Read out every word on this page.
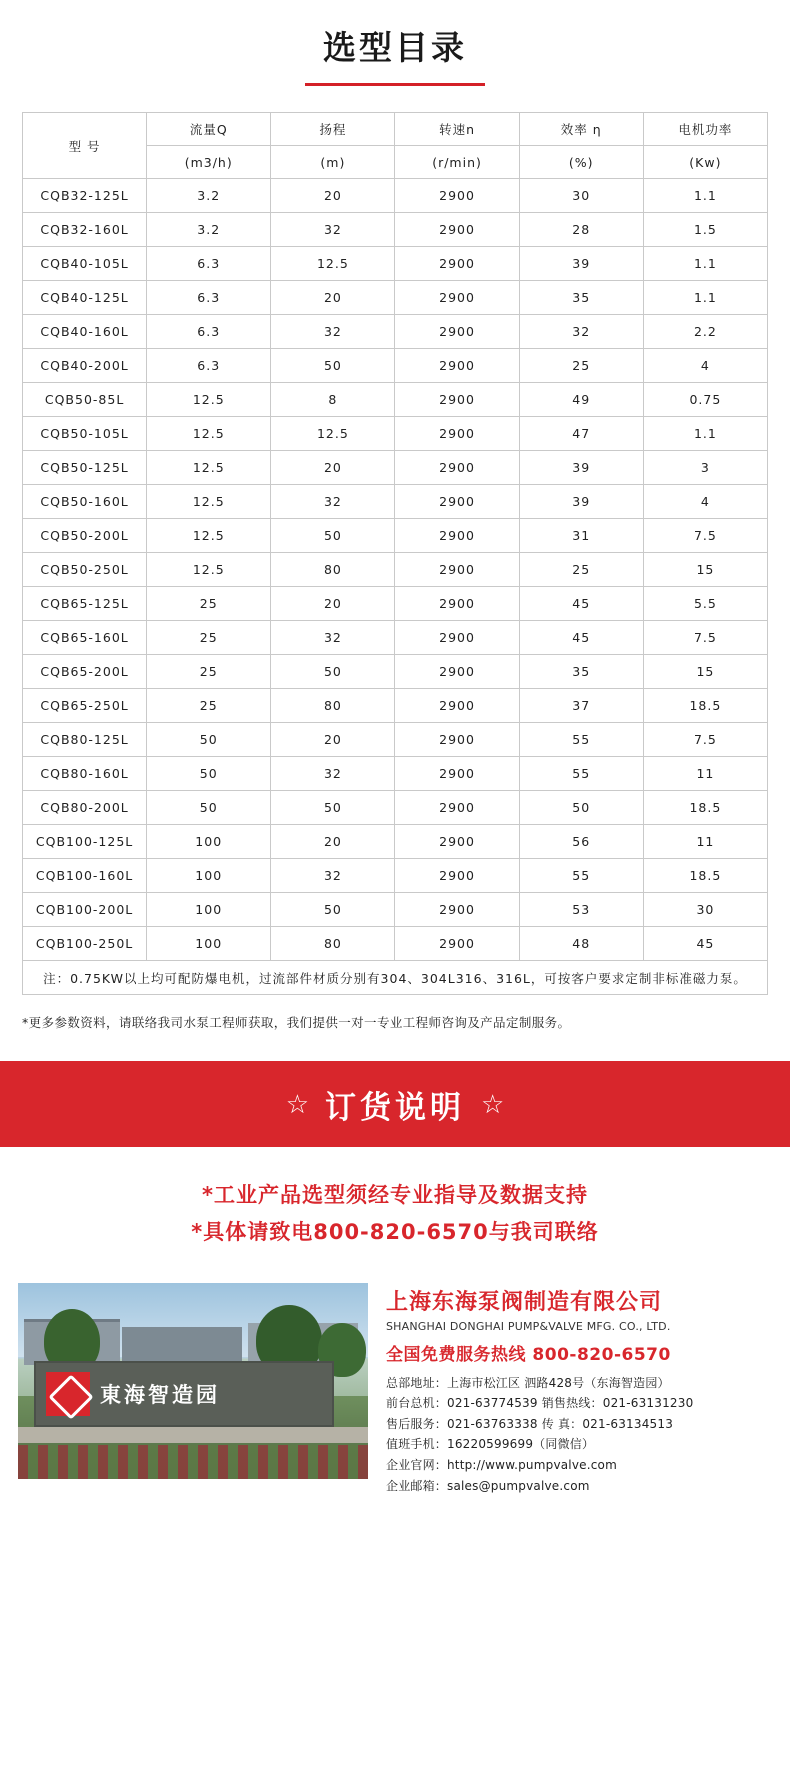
选型目录
型 号	流量Q	扬程	转速n	效率 η	电机功率
	(m3/h)	(m)	(r/min)	(%)	(Kw)
CQB32-125L	3.2	20	2900	30	1.1
CQB32-160L	3.2	32	2900	28	1.5
CQB40-105L	6.3	12.5	2900	39	1.1
CQB40-125L	6.3	20	2900	35	1.1
CQB40-160L	6.3	32	2900	32	2.2
CQB40-200L	6.3	50	2900	25	4
CQB50-85L	12.5	8	2900	49	0.75
CQB50-105L	12.5	12.5	2900	47	1.1
CQB50-125L	12.5	20	2900	39	3
CQB50-160L	12.5	32	2900	39	4
CQB50-200L	12.5	50	2900	31	7.5
CQB50-250L	12.5	80	2900	25	15
CQB65-125L	25	20	2900	45	5.5
CQB65-160L	25	32	2900	45	7.5
CQB65-200L	25	50	2900	35	15
CQB65-250L	25	80	2900	37	18.5
CQB80-125L	50	20	2900	55	7.5
CQB80-160L	50	32	2900	55	11
CQB80-200L	50	50	2900	50	18.5
CQB100-125L	100	20	2900	56	11
CQB100-160L	100	32	2900	55	18.5
CQB100-200L	100	50	2900	53	30
CQB100-250L	100	80	2900	48	45
注：0.75KW以上均可配防爆电机，过流部件材质分别有304、304L316、316L，可按客户要求定制非标准磁力泵。					
*更多参数资料，请联络我司水泵工程师获取，我们提供一对一专业工程师咨询及产品定制服务。
☆ 订货说明 ☆
*工业产品选型须经专业指导及数据支持
*具体请致电800-820-6570与我司联络
東海智造园
上海东海泵阀制造有限公司
SHANGHAI DONGHAI PUMP&VALVE MFG. CO., LTD.
全国免费服务热线 800-820-6570
总部地址：上海市松江区 泗路428号（东海智造园）
前台总机：021-63774539 销售热线：021-63131230
售后服务：021-63763338 传 真：021-63134513
值班手机：16220599699（同微信）
企业官网：http://www.pumpvalve.com
企业邮箱：sales@pumpvalve.com
